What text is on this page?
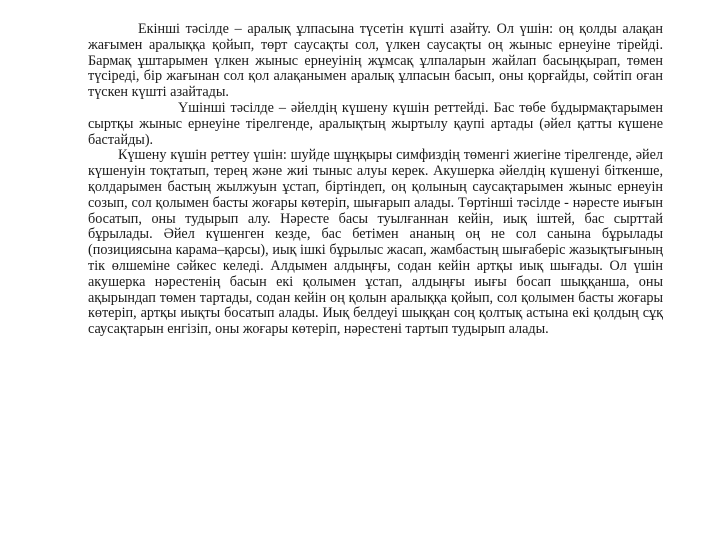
Екінші тәсілде – аралық ұлпасына түсетін күшті азайту. Ол үшін: оң қолды алақан жағымен аралыққа қойып, төрт саусақты сол, үлкен саусақты оң жыныс ернеуіне тірейді. Бармақ ұштарымен үлкен жыныс ернеуінің жұмсақ ұлпаларын жайлап басыңқырап, төмен түсіреді, бір жағынан сол қол алақанымен аралық ұлпасын басып, оны қорғайды, сөйтіп оған түскен күшті азайтады.

Үшінші тәсілде – әйелдің күшену күшін реттейді. Бас төбе бұдырмақтарымен сыртқы жыныс ернеуіне тірелгенде, аралықтың жыртылу қаупі артады (әйел қатты күшене бастайды).

Күшену күшін реттеу үшін: шуйде шұңқыры симфиздің төменгі жиегіне тірелгенде, әйел күшенуін тоқтатып, терең және жиі тыныс алуы керек. Акушерка әйелдің күшенуі біткенше, қолдарымен бастың жылжуын ұстап, біртіндеп, оң қолының саусақтарымен жыныс ернеуін созып, сол қолымен басты жоғары көтеріп, шығарып алады. Төртінші тәсілде - нәресте иығын босатып, оны тудырып алу. Нәресте басы туылғаннан кейін, иық іштей, бас сырттай бұрылады. Әйел күшенген кезде, бас бетімен ананың оң не сол санына бұрылады (позициясына карама–қарсы), иық ішкі бұрылыс жасап, жамбастың шығаберіс жазықтығының тік өлшеміне сәйкес келеді. Алдымен алдыңғы, содан кейін артқы иық шығады. Ол үшін акушерка нәрестенің басын екі қолымен ұстап, алдыңғы иығы босап шыққанша, оны ақырындап төмен тартады, содан кейін оң қолын аралыққа қойып, сол қолымен басты жоғары көтеріп, артқы иықты босатып алады. Иық белдеуі шыққан соң қолтық астына екі қолдың сұқ саусақтарын енгізіп, оны жоғары көтеріп, нәрестені тартып тудырып алады.
